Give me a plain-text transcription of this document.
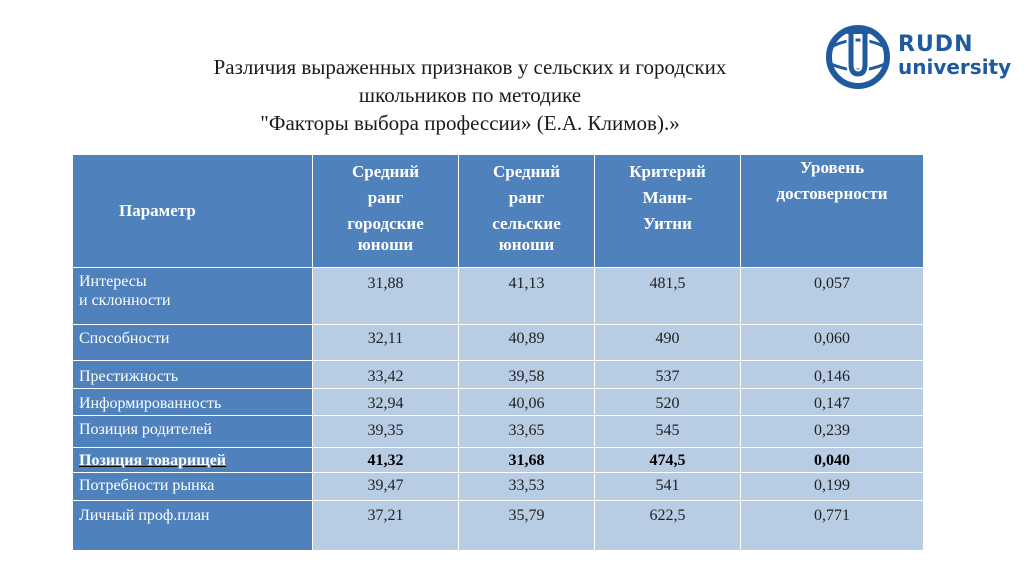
Различия выраженных признаков у сельских и городских
школьников по методике
"Факторы выбора профессии» (Е.А. Климов).»
RUDN
university
Параметр	Средний
ранг
городские
юноши	Средний
ранг
сельские
юноши	Критерий
Манн-
Уитни	Уровень
достоверности

Интересы
и склонности	31,88	41,13	481,5	0,057

Способности	32,11	40,89	490	0,060

Престижность	33,42	39,58	537	0,146

Информированность	32,94	40,06	520	0,147

Позиция родителей	39,35	33,65	545	0,239

Позиция товарищей	41,32	31,68	474,5	0,040

Потребности рынка	39,47	33,53	541	0,199

Личный проф.план	37,21	35,79	622,5	0,771
